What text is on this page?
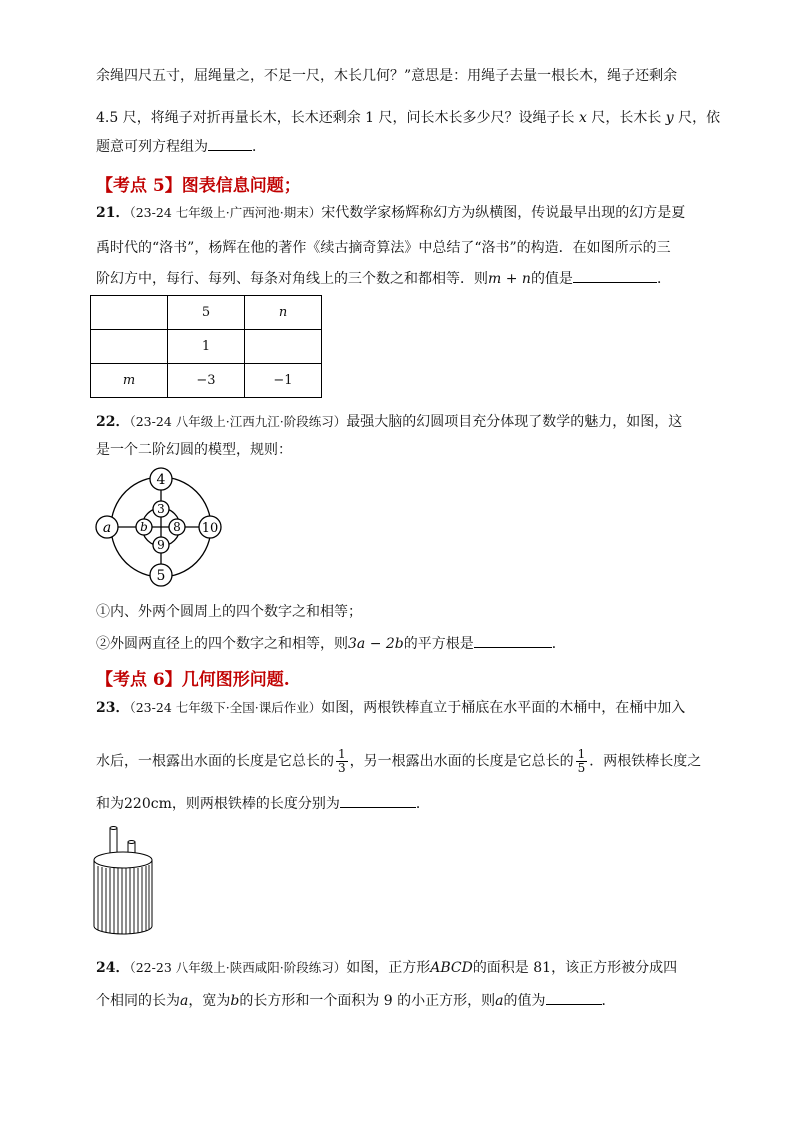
余绳四尺五寸，屈绳量之，不足一尺，木长几何？”意思是：用绳子去量一根长木，绳子还剩余
4.5 尺，将绳子对折再量长木，长木还剩余 1 尺，问长木长多少尺？设绳子长 x 尺，长木长 y 尺，依
题意可列方程组为	．
【考点 5】图表信息问题；
21．（23-24 七年级上·广西河池·期末）宋代数学家杨辉称幻方为纵横图，传说最早出现的幻方是夏
禹时代的“洛书”，杨辉在他的著作《续古摘奇算法》中总结了“洛书”的构造．在如图所示的三
阶幻方中，每行、每列、每条对角线上的三个数之和都相等．则m + n的值是	．
	5	n
	1	
m	−3	−1
22．（23-24 八年级上·江西九江·阶段练习）最强大脑的幻圆项目充分体现了数学的魅力，如图，这
是一个二阶幻圆的模型，规则：
4
5
a	10
3
9
b 8
①内、外两个圆周上的四个数字之和相等；
②外圆两直径上的四个数字之和相等，则3a − 2b的平方根是	．
【考点 6】几何图形问题.
23．（23-24 七年级下·全国·课后作业）如图，两根铁棒直立于桶底在水平面的木桶中，在桶中加入
水后，一根露出水面的长度是它总长的 $\frac{1}{3}$ ，另一根露出水面的长度是它总长的 $\frac{1}{5}$ ．两根铁棒长度之
和为220cm，则两根铁棒的长度分别为	．
24．（22-23 八年级上·陕西咸阳·阶段练习）如图，正方形ABCD的面积是 81，该正方形被分成四
个相同的长为a，宽为b的长方形和一个面积为 9 的小正方形，则a的值为	．
